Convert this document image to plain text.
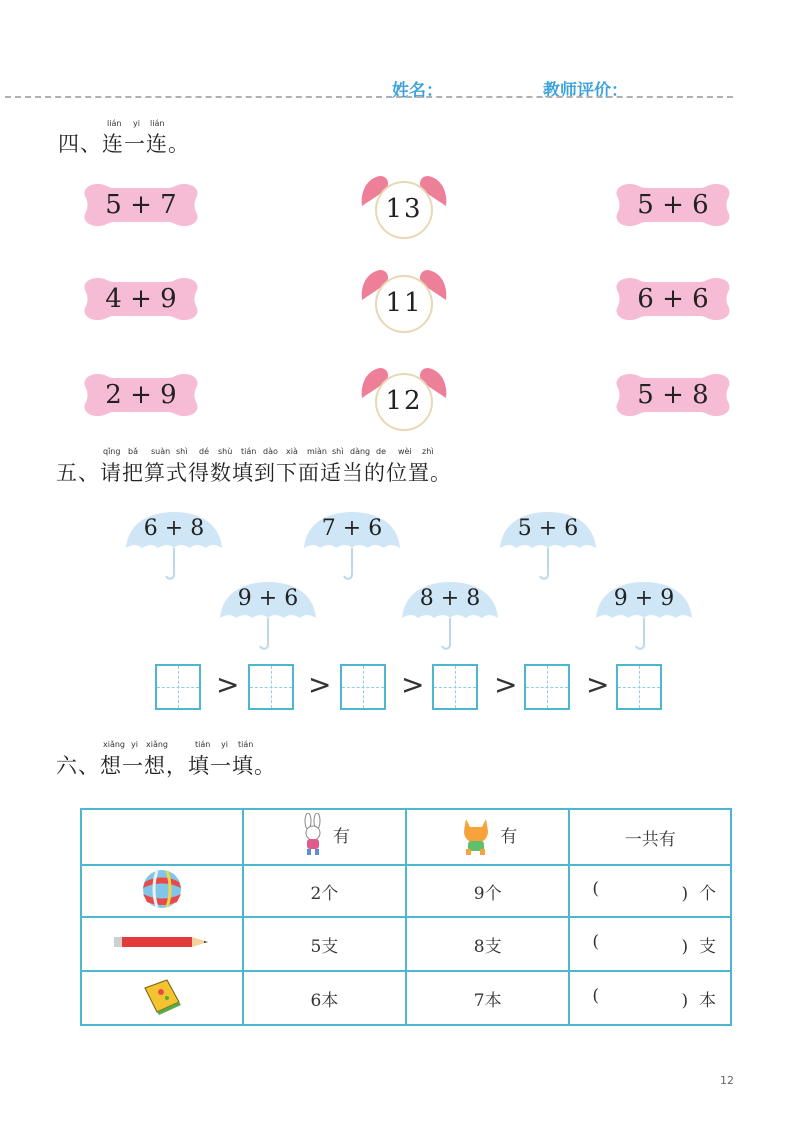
姓名：	教师评价：
lián yi lián
四、连一连。
5 + 7
4 + 9
2 + 9
13
11
12
5 + 6
6 + 6
5 + 8
qǐng bǎ suàn shì dé shù tián dào xià miàn shì dàng de wèi zhì
五、请把算式得数填到下面适当的位置。
6 + 8	7 + 6	5 + 6
9 + 6	8 + 8	9 + 9
> > > > >
xiǎng yi xiǎng	tián yi tián
六、想一想，填一填。
	有	有	一共有
	2个	9个	( ) 个

	5支	8支	( ) 支

	6本	7本	( ) 本
12
